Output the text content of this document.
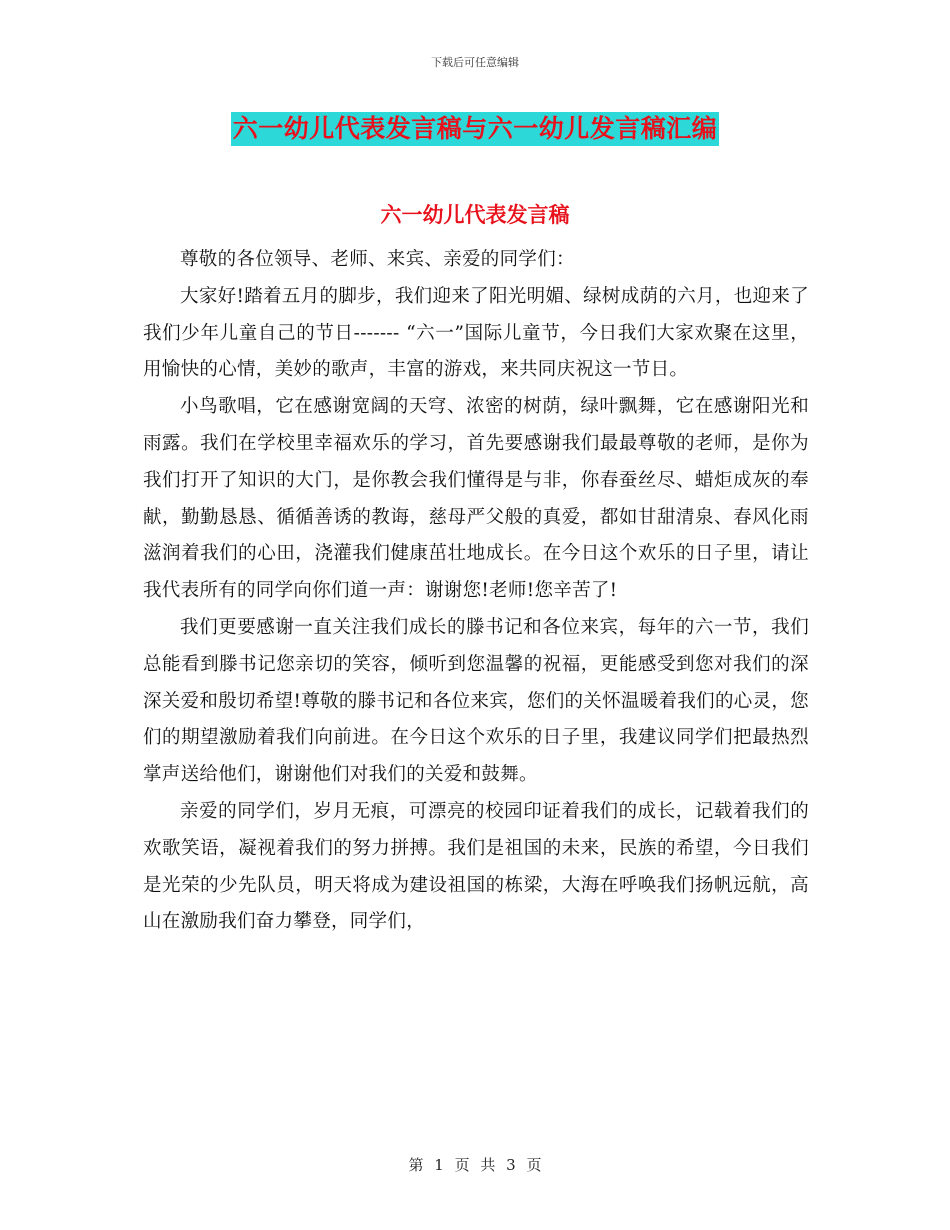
下载后可任意编辑
六一幼儿代表发言稿与六一幼儿发言稿汇编
六一幼儿代表发言稿

尊敬的各位领导、老师、来宾、亲爱的同学们：

大家好!踏着五月的脚步，我们迎来了阳光明媚、绿树成荫的六月，也迎来了我们少年儿童自己的节日------- “六一”国际儿童节，今日我们大家欢聚在这里，用愉快的心情，美妙的歌声，丰富的游戏，来共同庆祝这一节日。

小鸟歌唱，它在感谢宽阔的天穹、浓密的树荫，绿叶飘舞，它在感谢阳光和雨露。我们在学校里幸福欢乐的学习，首先要感谢我们最最尊敬的老师，是你为我们打开了知识的大门，是你教会我们懂得是与非，你春蚕丝尽、蜡炬成灰的奉献，勤勤恳恳、循循善诱的教诲，慈母严父般的真爱，都如甘甜清泉、春风化雨滋润着我们的心田，浇灌我们健康茁壮地成长。在今日这个欢乐的日子里，请让我代表所有的同学向你们道一声：谢谢您!老师!您辛苦了!

我们更要感谢一直关注我们成长的滕书记和各位来宾，每年的六一节，我们总能看到滕书记您亲切的笑容，倾听到您温馨的祝福，更能感受到您对我们的深深关爱和殷切希望!尊敬的滕书记和各位来宾，您们的关怀温暖着我们的心灵，您们的期望激励着我们向前进。在今日这个欢乐的日子里，我建议同学们把最热烈掌声送给他们，谢谢他们对我们的关爱和鼓舞。

亲爱的同学们，岁月无痕，可漂亮的校园印证着我们的成长，记载着我们的欢歌笑语，凝视着我们的努力拼搏。我们是祖国的未来，民族的希望，今日我们是光荣的少先队员，明天将成为建设祖国的栋梁，大海在呼唤我们扬帆远航，高山在激励我们奋力攀登，同学们，

第 1 页 共 3 页
